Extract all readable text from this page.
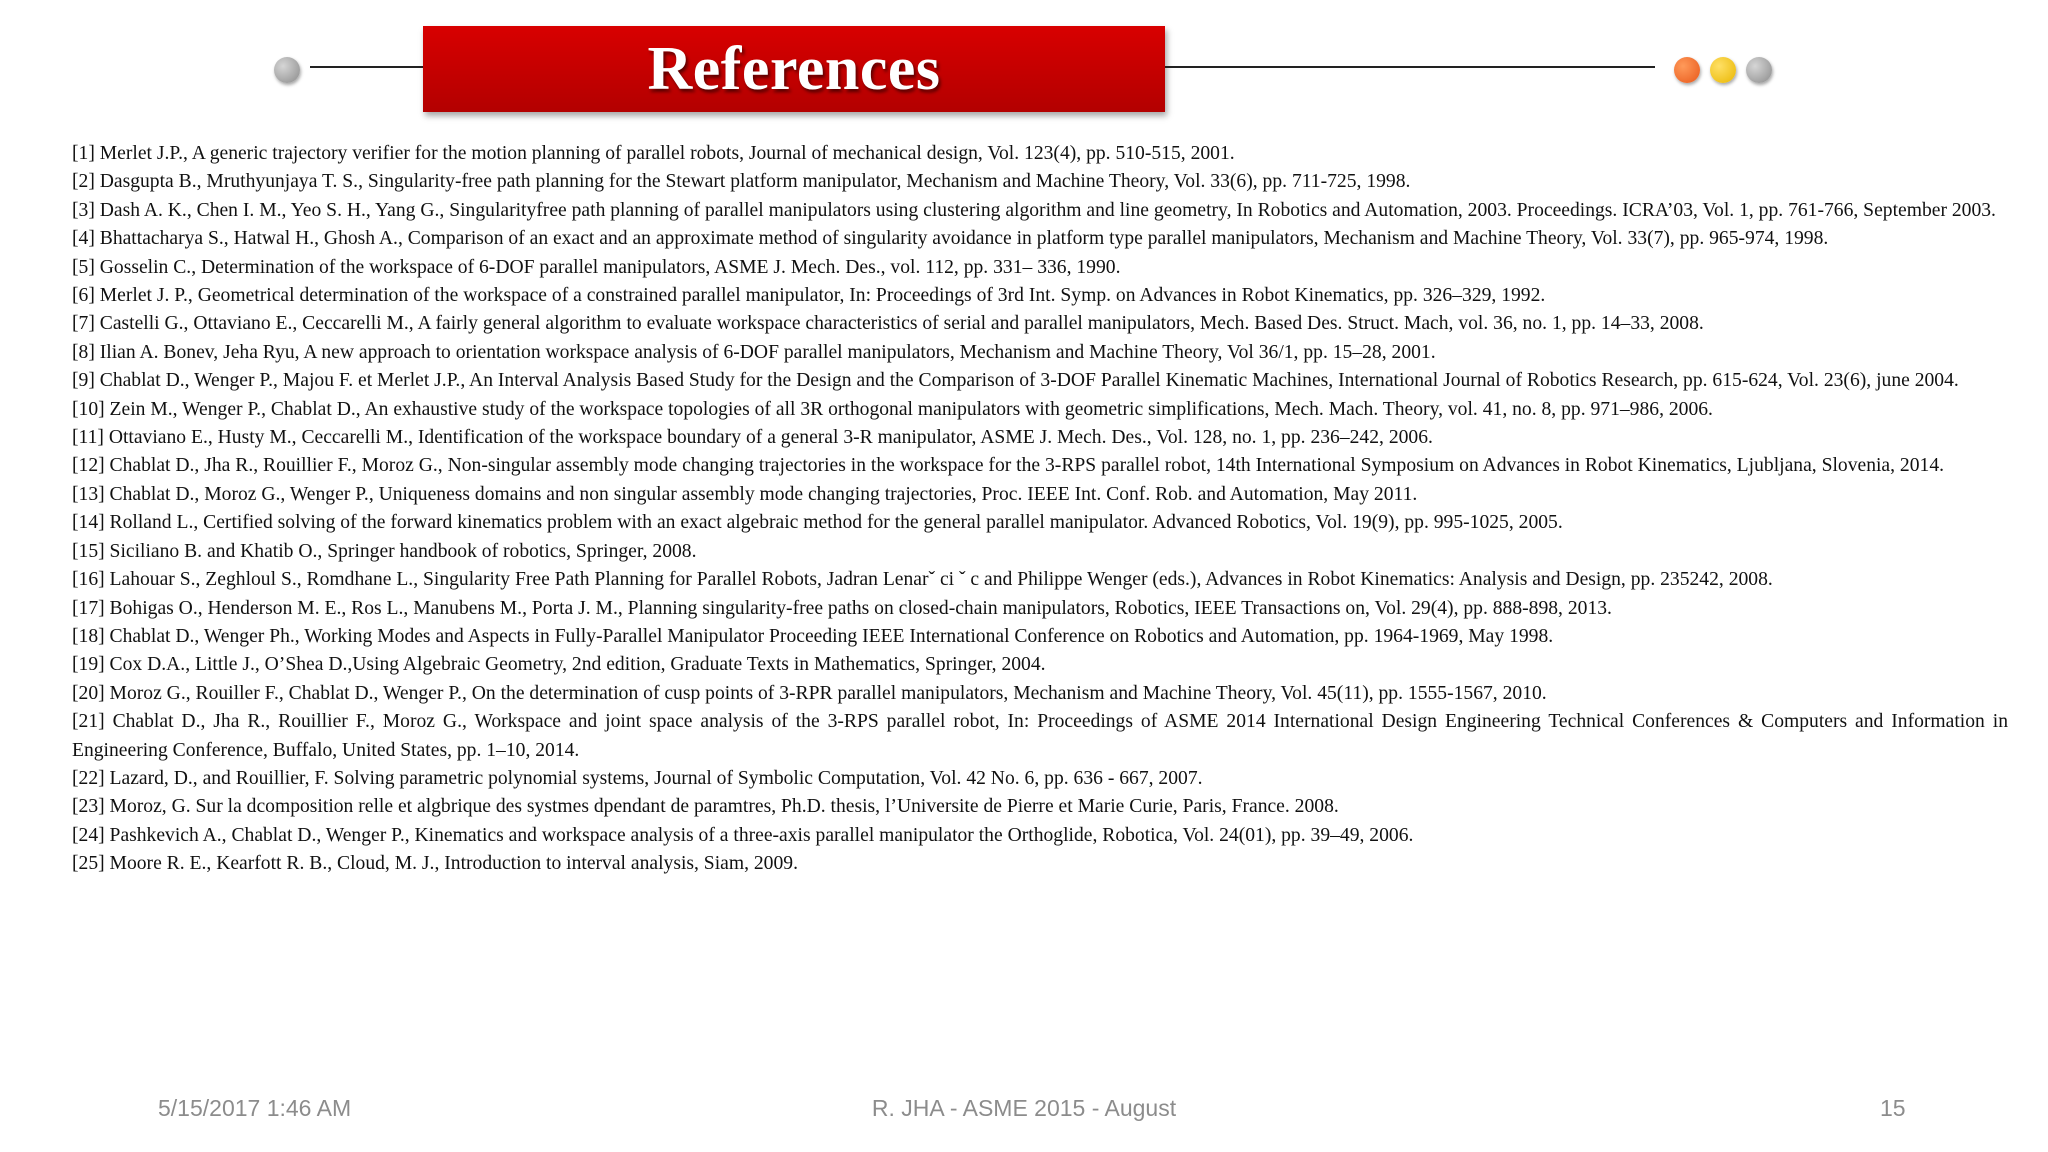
References

[1] Merlet J.P., A generic trajectory verifier for the motion planning of parallel robots, Journal of mechanical design, Vol. 123(4), pp. 510-515, 2001.

[2] Dasgupta B., Mruthyunjaya T. S., Singularity-free path planning for the Stewart platform manipulator, Mechanism and Machine Theory, Vol. 33(6), pp. 711-725, 1998.

[3] Dash A. K., Chen I. M., Yeo S. H., Yang G., Singularityfree path planning of parallel manipulators using clustering algorithm and line geometry, In Robotics and Automation, 2003. Proceedings. ICRA’03, Vol. 1, pp. 761-766, September 2003.

[4] Bhattacharya S., Hatwal H., Ghosh A., Comparison of an exact and an approximate method of singularity avoidance in platform type parallel manipulators, Mechanism and Machine Theory, Vol. 33(7), pp. 965-974, 1998.

[5] Gosselin C., Determination of the workspace of 6-DOF parallel manipulators, ASME J. Mech. Des., vol. 112, pp. 331– 336, 1990.

[6] Merlet J. P., Geometrical determination of the workspace of a constrained parallel manipulator, In: Proceedings of 3rd Int. Symp. on Advances in Robot Kinematics, pp. 326–329, 1992.

[7] Castelli G., Ottaviano E., Ceccarelli M., A fairly general algorithm to evaluate workspace characteristics of serial and parallel manipulators, Mech. Based Des. Struct. Mach, vol. 36, no. 1, pp. 14–33, 2008.

[8] Ilian A. Bonev, Jeha Ryu, A new approach to orientation workspace analysis of 6-DOF parallel manipulators, Mechanism and Machine Theory, Vol 36/1, pp. 15–28, 2001.

[9] Chablat D., Wenger P., Majou F. et Merlet J.P., An Interval Analysis Based Study for the Design and the Comparison of 3-DOF Parallel Kinematic Machines, International Journal of Robotics Research, pp. 615-624, Vol. 23(6), june 2004.

[10] Zein M., Wenger P., Chablat D., An exhaustive study of the workspace topologies of all 3R orthogonal manipulators with geometric simplifications, Mech. Mach. Theory, vol. 41, no. 8, pp. 971–986, 2006.

[11] Ottaviano E., Husty M., Ceccarelli M., Identification of the workspace boundary of a general 3-R manipulator, ASME J. Mech. Des., Vol. 128, no. 1, pp. 236–242, 2006.

[12] Chablat D., Jha R., Rouillier F., Moroz G., Non-singular assembly mode changing trajectories in the workspace for the 3-RPS parallel robot, 14th International Symposium on Advances in Robot Kinematics, Ljubljana, Slovenia, 2014.

[13] Chablat D., Moroz G., Wenger P., Uniqueness domains and non singular assembly mode changing trajectories, Proc. IEEE Int. Conf. Rob. and Automation, May 2011.

[14] Rolland L., Certified solving of the forward kinematics problem with an exact algebraic method for the general parallel manipulator. Advanced Robotics, Vol. 19(9), pp. 995-1025, 2005.

[15] Siciliano B. and Khatib O., Springer handbook of robotics, Springer, 2008.

[16] Lahouar S., Zeghloul S., Romdhane L., Singularity Free Path Planning for Parallel Robots, Jadran Lenarˇ ci ˇ c and Philippe Wenger (eds.), Advances in Robot Kinematics: Analysis and Design, pp. 235242, 2008.

[17] Bohigas O., Henderson M. E., Ros L., Manubens M., Porta J. M., Planning singularity-free paths on closed-chain manipulators, Robotics, IEEE Transactions on, Vol. 29(4), pp. 888-898, 2013.

[18] Chablat D., Wenger Ph., Working Modes and Aspects in Fully-Parallel Manipulator Proceeding IEEE International Conference on Robotics and Automation, pp. 1964-1969, May 1998.

[19] Cox D.A., Little J., O’Shea D.,Using Algebraic Geometry, 2nd edition, Graduate Texts in Mathematics, Springer, 2004.

[20] Moroz G., Rouiller F., Chablat D., Wenger P., On the determination of cusp points of 3-RPR parallel manipulators, Mechanism and Machine Theory, Vol. 45(11), pp. 1555-1567, 2010.

[21] Chablat D., Jha R., Rouillier F., Moroz G., Workspace and joint space analysis of the 3-RPS parallel robot, In: Proceedings of ASME 2014 International Design Engineering Technical Conferences & Computers and Information in Engineering Conference, Buffalo, United States, pp. 1–10, 2014.

[22] Lazard, D., and Rouillier, F. Solving parametric polynomial systems, Journal of Symbolic Computation, Vol. 42 No. 6, pp. 636 - 667, 2007.

[23] Moroz, G. Sur la dcomposition relle et algbrique des systmes dpendant de paramtres, Ph.D. thesis, l’Universite de Pierre et Marie Curie, Paris, France. 2008.

[24] Pashkevich A., Chablat D., Wenger P., Kinematics and workspace analysis of a three-axis parallel manipulator the Orthoglide, Robotica, Vol. 24(01), pp. 39–49, 2006.

[25] Moore R. E., Kearfott R. B., Cloud, M. J., Introduction to interval analysis, Siam, 2009.

5/15/2017 1:46 AM	R. JHA - ASME 2015 - August	15
